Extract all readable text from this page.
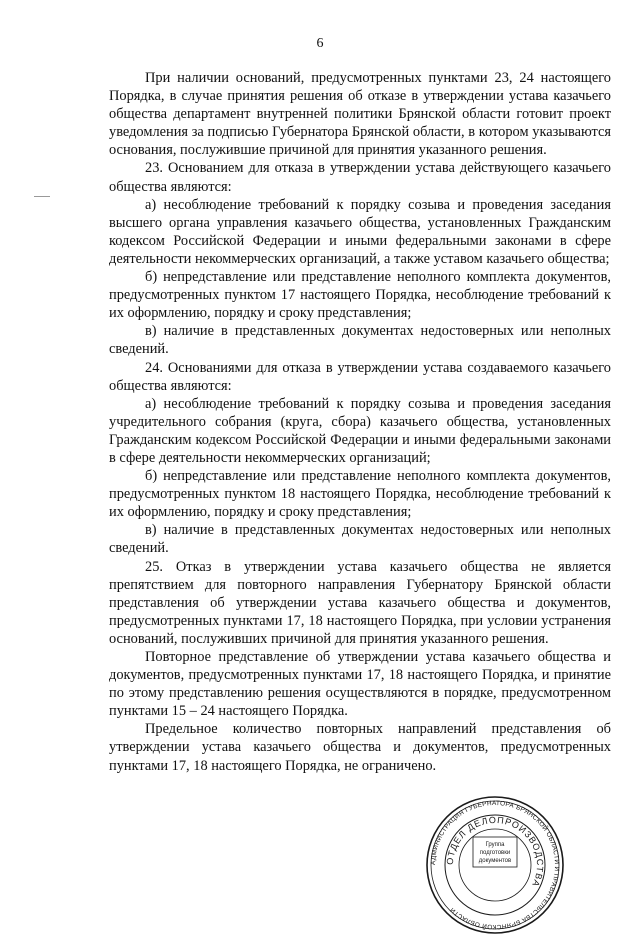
6

При наличии оснований, предусмотренных пунктами 23, 24 настоящего Порядка, в случае принятия решения об отказе в утверждении устава казачьего общества департамент внутренней политики Брянской области готовит проект уведомления за подписью Губернатора Брянской области, в котором указываются основания, послужившие причиной для принятия указанного решения.

23. Основанием для отказа в утверждении устава действующего казачьего общества являются:

а) несоблюдение требований к порядку созыва и проведения заседания высшего органа управления казачьего общества, установленных Гражданским кодексом Российской Федерации и иными федеральными законами в сфере деятельности некоммерческих организаций, а также уставом казачьего общества;

б) непредставление или представление неполного комплекта документов, предусмотренных пунктом 17 настоящего Порядка, несоблюдение требований к их оформлению, порядку и сроку представления;

в) наличие в представленных документах недостоверных или неполных сведений.

24. Основаниями для отказа в утверждении устава создаваемого казачьего общества являются:

а) несоблюдение требований к порядку созыва и проведения заседания учредительного собрания (круга, сбора) казачьего общества, установленных Гражданским кодексом Российской Федерации и иными федеральными законами в сфере деятельности некоммерческих организаций;

б) непредставление или представление неполного комплекта документов, предусмотренных пунктом 18 настоящего Порядка, несоблюдение требований к их оформлению, порядку и сроку представления;

в) наличие в представленных документах недостоверных или неполных сведений.

25. Отказ в утверждении устава казачьего общества не является препятствием для повторного направления Губернатору Брянской области представления об утверждении устава казачьего общества и документов, предусмотренных пунктами 17, 18 настоящего Порядка, при условии устранения оснований, послуживших причиной для принятия указанного решения.

Повторное представление об утверждении устава казачьего общества и документов, предусмотренных пунктами 17, 18 настоящего Порядка, и принятие по этому представлению решения осуществляются в порядке, предусмотренном пунктами 15 – 24 настоящего Порядка.

Предельное количество повторных направлений представления об утверждении устава казачьего общества и документов, предусмотренных пунктами 17, 18 настоящего Порядка, не ограничено.

АДМИНИСТРАЦИЯ ГУБЕРНАТОРА БРЯНСКОЙ ОБЛАСТИ И ПРАВИТЕЛЬСТВА БРЯНСКОЙ ОБЛАСТИ
ОТДЕЛ ДЕЛОПРОИЗВОДСТВА
Группа
подготовки
документов
